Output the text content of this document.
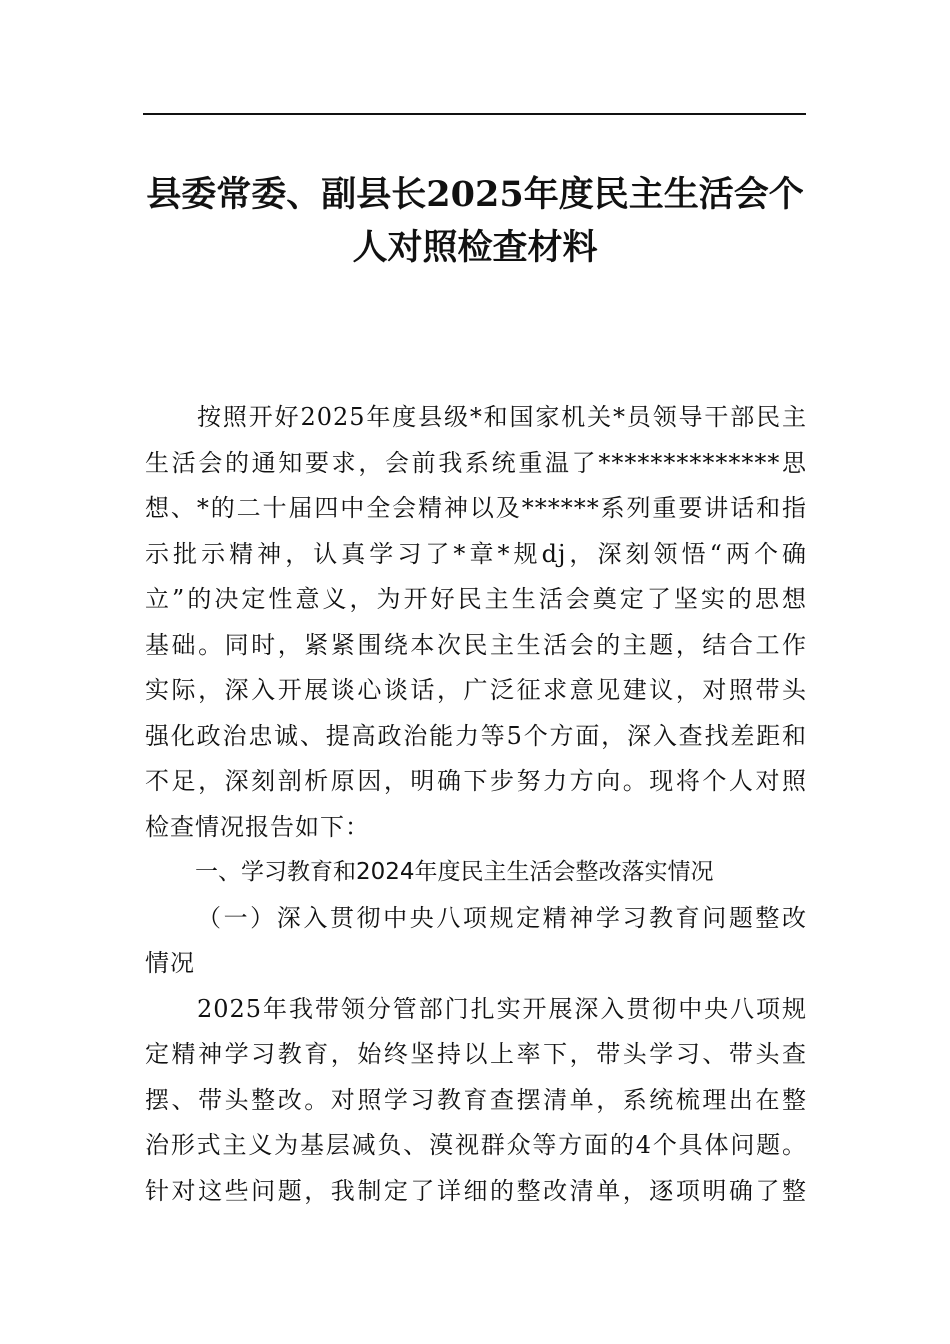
县委常委、副县长2025年度民主生活会个
人对照检查材料
按照开好2025年度县级*和国家机关*员领导干部民主
生活会的通知要求，会前我系统重温了**************思
想、*的二十届四中全会精神以及******系列重要讲话和指
示批示精神，认真学习了*章*规dj，深刻领悟“两个确
立”的决定性意义，为开好民主生活会奠定了坚实的思想
基础。同时，紧紧围绕本次民主生活会的主题，结合工作
实际，深入开展谈心谈话，广泛征求意见建议，对照带头
强化政治忠诚、提高政治能力等5个方面，深入查找差距和
不足，深刻剖析原因，明确下步努力方向。现将个人对照
检查情况报告如下：
一、学习教育和2024年度民主生活会整改落实情况
（一）深入贯彻中央八项规定精神学习教育问题整改
情况
2025年我带领分管部门扎实开展深入贯彻中央八项规
定精神学习教育，始终坚持以上率下，带头学习、带头查
摆、带头整改。对照学习教育查摆清单，系统梳理出在整
治形式主义为基层减负、漠视群众等方面的4个具体问题。
针对这些问题，我制定了详细的整改清单，逐项明确了整
